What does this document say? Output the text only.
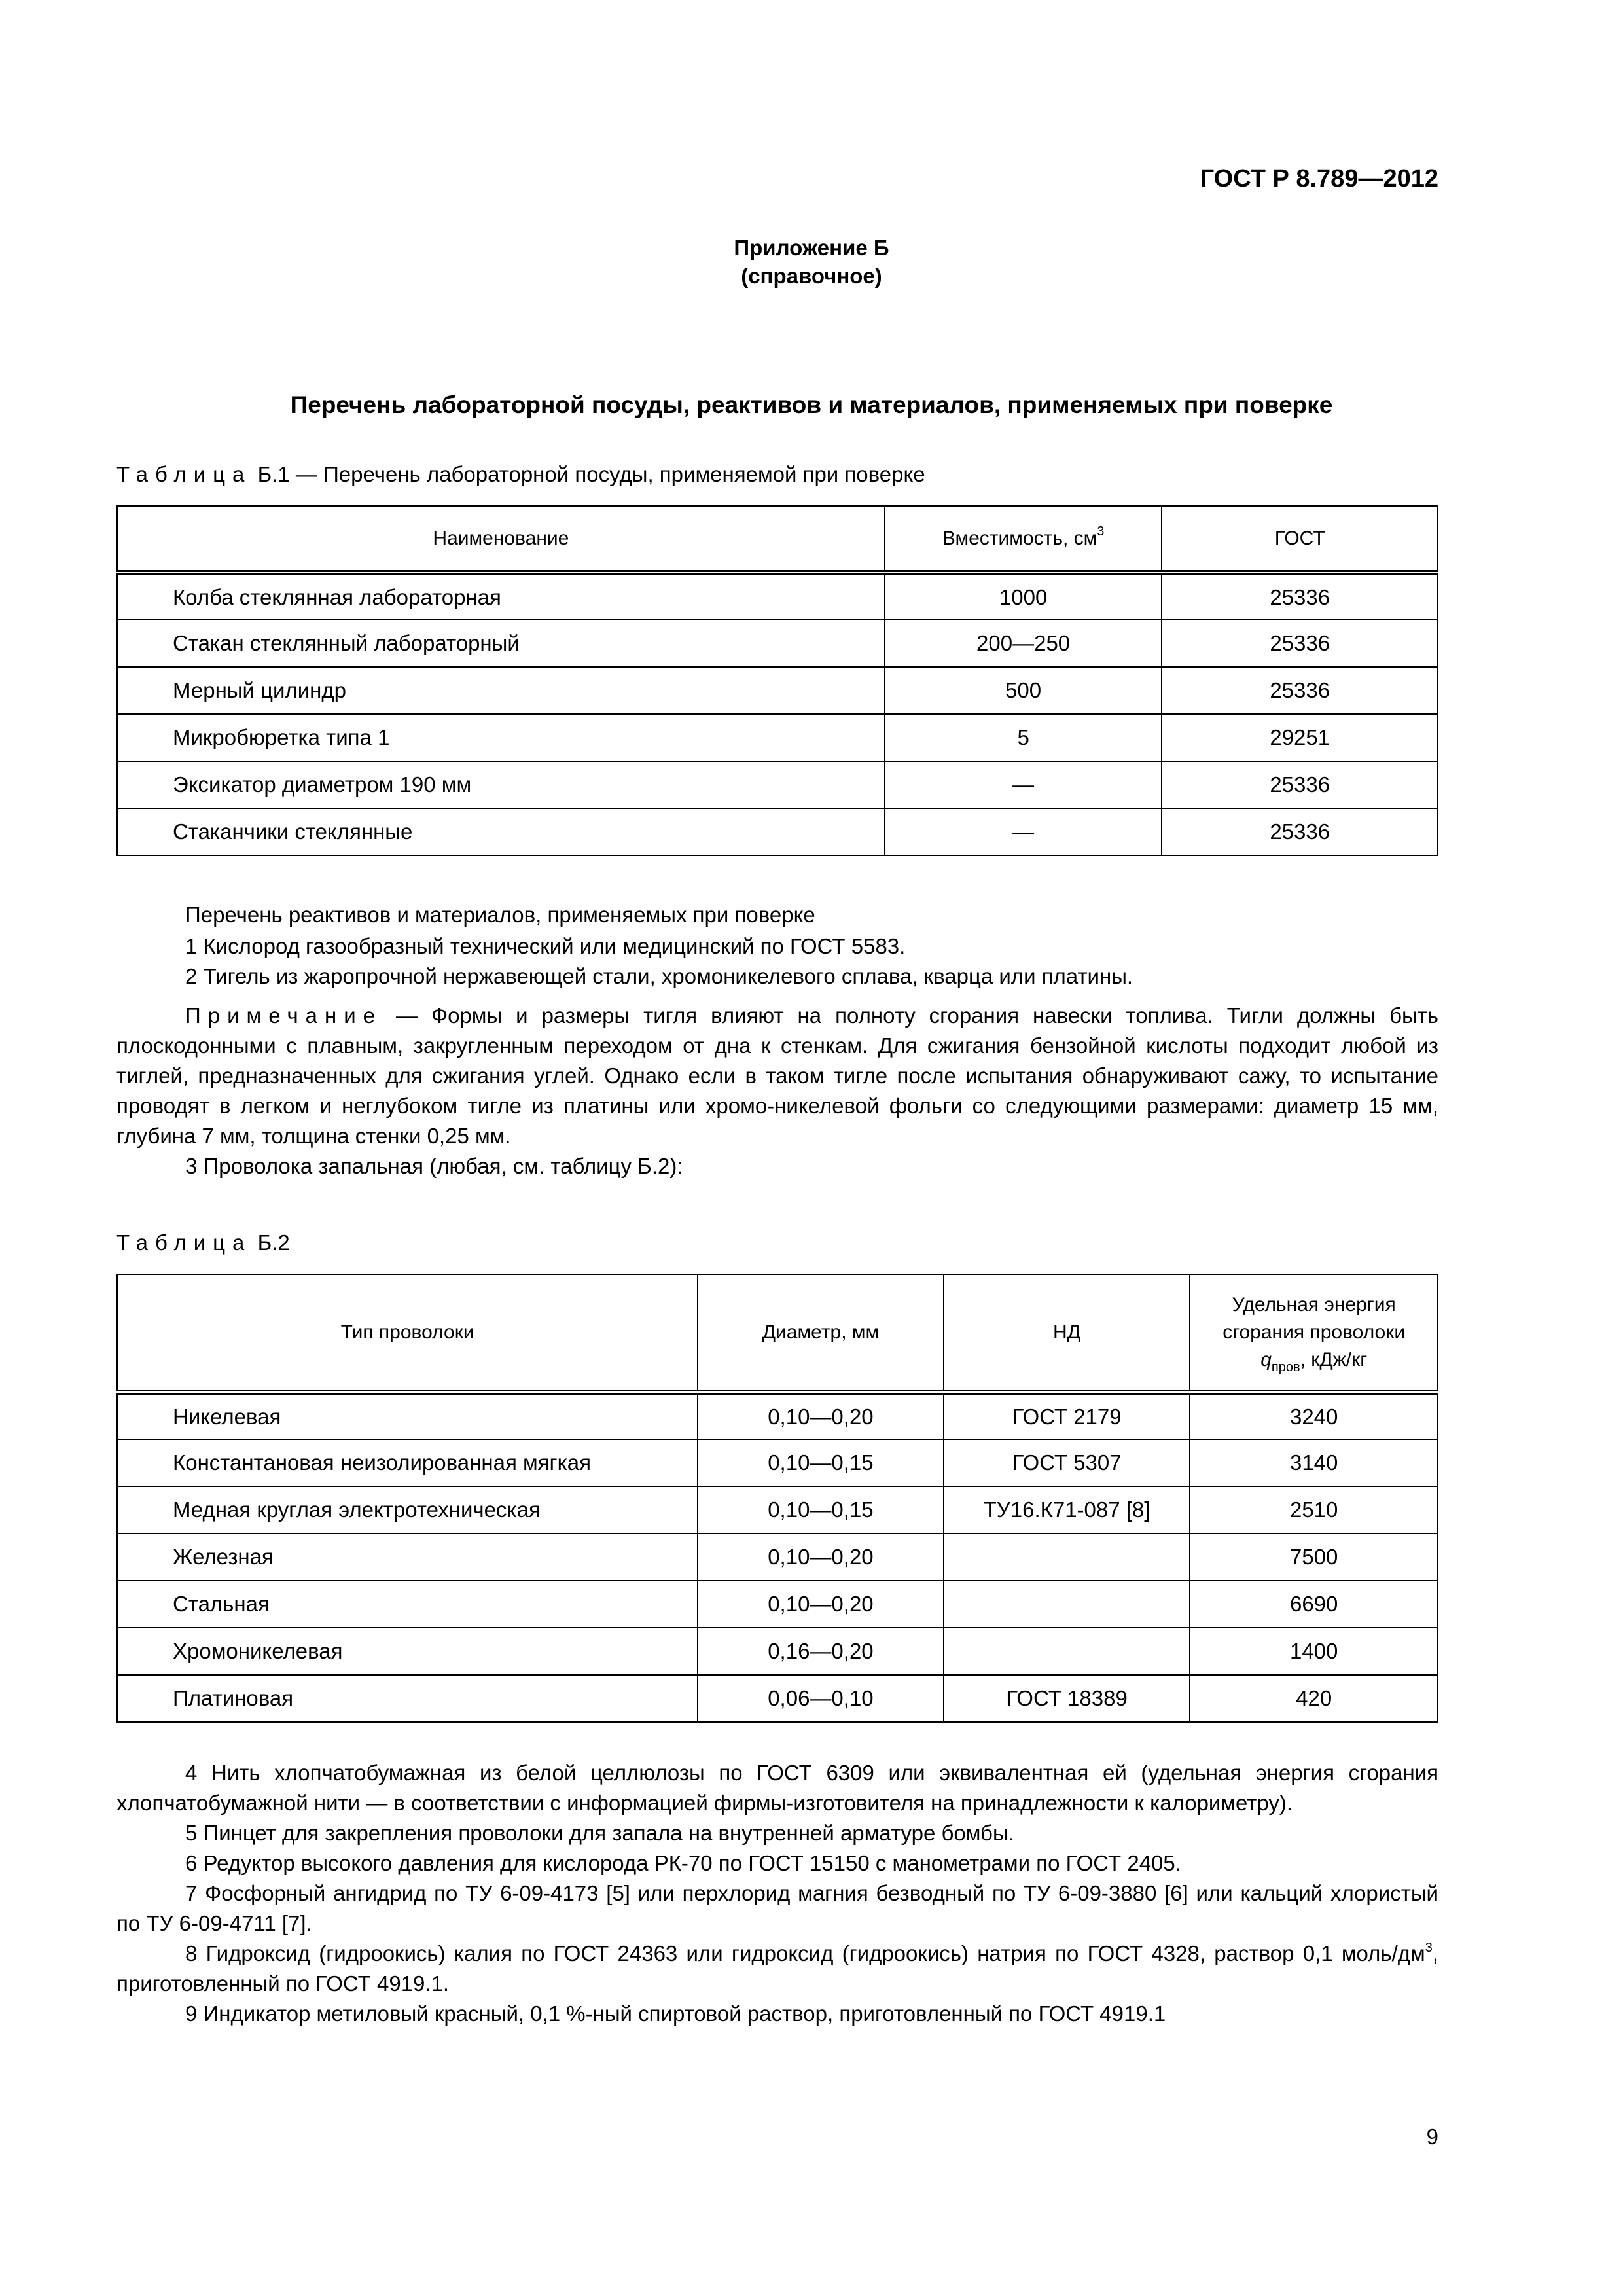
ГОСТ Р 8.789—2012
Приложение Б
(справочное)
Перечень лабораторной посуды, реактивов и материалов, применяемых при поверке
Таблица Б.1 — Перечень лабораторной посуды, применяемой при поверке
Наименование	Вместимость, $см^3$	ГОСТ
Колба стеклянная лабораторная	1000	25336
Стакан стеклянный лабораторный	200—250	25336
Мерный цилиндр	500	25336
Микробюретка типа 1	5	29251
Эксикатор диаметром 190 мм	—	25336
Стаканчики стеклянные	—	25336
Перечень реактивов и материалов, применяемых при поверке
1 Кислород газообразный технический или медицинский по ГОСТ 5583.
2 Тигель из жаропрочной нержавеющей стали, хромоникелевого сплава, кварца или платины.
Примечание — Формы и размеры тигля влияют на полноту сгорания навески топлива. Тигли должны быть плоскодонными с плавным, закругленным переходом от дна к стенкам. Для сжигания бензойной кислоты подходит любой из тиглей, предназначенных для сжигания углей. Однако если в таком тигле после испытания обнаруживают сажу, то испытание проводят в легком и неглубоком тигле из платины или хромо-никелевой фольги со следующими размерами: диаметр 15 мм, глубина 7 мм, толщина стенки 0,25 мм.
3 Проволока запальная (любая, см. таблицу Б.2):
Таблица Б.2
Тип проволоки	Диаметр, мм	НД	Удельная энергия
сгорания проволоки
$q_{пров}$, кДж/кг

Никелевая	0,10—0,20	ГОСТ 2179	3240
Константановая неизолированная мягкая	0,10—0,15	ГОСТ 5307	3140
Медная круглая электротехническая	0,10—0,15	ТУ16.К71-087 [8]	2510
Железная	0,10—0,20		7500
Стальная	0,10—0,20		6690
Хромоникелевая	0,16—0,20		1400
Платиновая	0,06—0,10	ГОСТ 18389	420
4 Нить хлопчатобумажная из белой целлюлозы по ГОСТ 6309 или эквивалентная ей (удельная энергия сгорания хлопчатобумажной нити — в соответствии с информацией фирмы-изготовителя на принадлежности к калориметру).
5 Пинцет для закрепления проволоки для запала на внутренней арматуре бомбы.
6 Редуктор высокого давления для кислорода РК-70 по ГОСТ 15150 с манометрами по ГОСТ 2405.
7 Фосфорный ангидрид по ТУ 6-09-4173 [5] или перхлорид магния безводный по ТУ 6-09-3880 [6] или кальций хлористый по ТУ 6-09-4711 [7].
8 Гидроксид (гидроокись) калия по ГОСТ 24363 или гидроксид (гидроокись) натрия по ГОСТ 4328, раствор 0,1 моль/$дм^3$, приготовленный по ГОСТ 4919.1.
9 Индикатор метиловый красный, 0,1 %-ный спиртовой раствор, приготовленный по ГОСТ 4919.1
9
